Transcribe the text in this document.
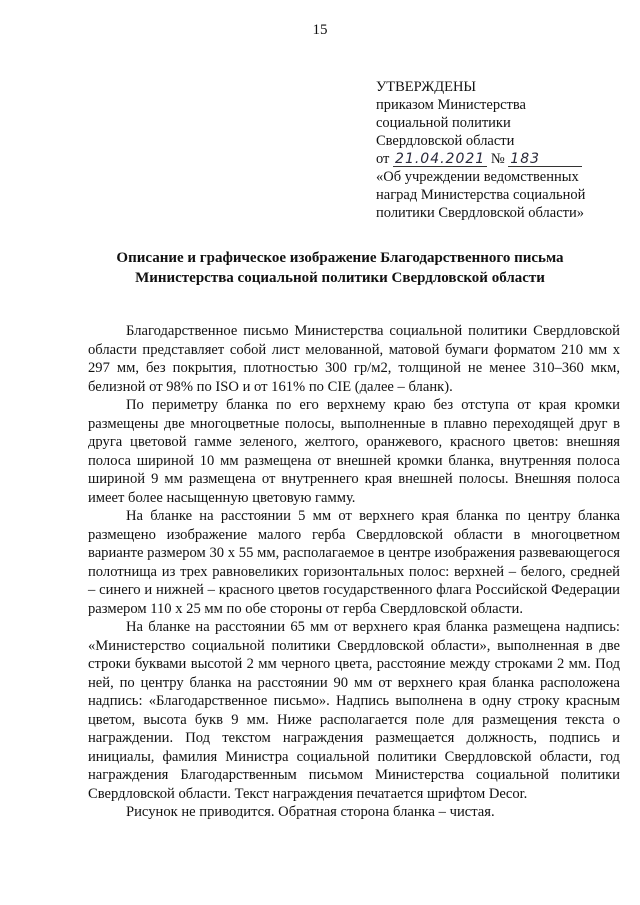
15
УТВЕРЖДЕНЫ
приказом Министерства
социальной политики
Свердловской области
от 21.04.2021 № 183
«Об учреждении ведомственных наград Министерства социальной политики Свердловской области»
Описание и графическое изображение Благодарственного письма
Министерства социальной политики Свердловской области

Благодарственное письмо Министерства социальной политики Свердловской области представляет собой лист мелованной, матовой бумаги форматом 210 мм х 297 мм, без покрытия, плотностью 300 гр/м2, толщиной не менее 310–360 мкм, белизной от 98% по ISO и от 161% по CIE (далее – бланк).

По периметру бланка по его верхнему краю без отступа от края кромки размещены две многоцветные полосы, выполненные в плавно переходящей друг в друга цветовой гамме зеленого, желтого, оранжевого, красного цветов: внешняя полоса шириной 10 мм размещена от внешней кромки бланка, внутренняя полоса шириной 9 мм размещена от внутреннего края внешней полосы. Внешняя полоса имеет более насыщенную цветовую гамму.

На бланке на расстоянии 5 мм от верхнего края бланка по центру бланка размещено изображение малого герба Свердловской области в многоцветном варианте размером 30 х 55 мм, располагаемое в центре изображения развевающегося полотнища из трех равновеликих горизонтальных полос: верхней – белого, средней – синего и нижней – красного цветов государственного флага Российской Федерации размером 110 х 25 мм по обе стороны от герба Свердловской области.

На бланке на расстоянии 65 мм от верхнего края бланка размещена надпись: «Министерство социальной политики Свердловской области», выполненная в две строки буквами высотой 2 мм черного цвета, расстояние между строками 2 мм. Под ней, по центру бланка на расстоянии 90 мм от верхнего края бланка расположена надпись: «Благодарственное письмо». Надпись выполнена в одну строку красным цветом, высота букв 9 мм. Ниже располагается поле для размещения текста о награждении. Под текстом награждения размещается должность, подпись и инициалы, фамилия Министра социальной политики Свердловской области, год награждения Благодарственным письмом Министерства социальной политики Свердловской области. Текст награждения печатается шрифтом Decor.

Рисунок не приводится. Обратная сторона бланка – чистая.
